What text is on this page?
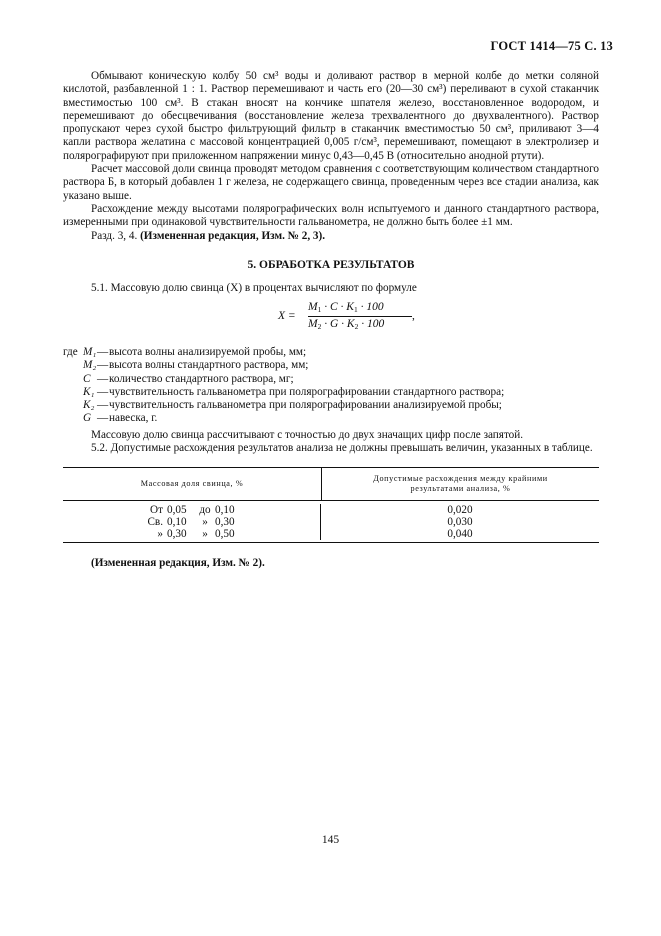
ГОСТ 1414—75 С. 13

Обмывают коническую колбу 50 см³ воды и доливают раствор в мерной колбе до метки соляной кислотой, разбавленной 1 : 1. Раствор перемешивают и часть его (20—30 см³) переливают в сухой стаканчик вместимостью 100 см³. В стакан вносят на кончике шпателя железо, восстановленное водородом, и перемешивают до обесцвечивания (восстановление железа трехвалентного до двухвалентного). Раствор пропускают через сухой быстро фильтрующий фильтр в стаканчик вместимостью 50 см³, приливают 3—4 капли раствора желатина с массовой концентрацией 0,005 г/см³, перемешивают, помещают в электролизер и полярографируют при приложенном напряжении минус 0,43—0,45 В (относительно анодной ртути).

Расчет массовой доли свинца проводят методом сравнения с соответствующим количеством стандартного раствора Б, в который добавлен 1 г железа, не содержащего свинца, проведенным через все стадии анализа, как указано выше.

Расхождение между высотами полярографических волн испытуемого и данного стандартного раствора, измеренными при одинаковой чувствительности гальванометра, не должно быть более ±1 мм.

Разд. 3, 4. (Измененная редакция, Изм. № 2, 3).

5. ОБРАБОТКА РЕЗУЛЬТАТОВ

5.1. Массовую долю свинца (X) в процентах вычисляют по формуле

X =
$M_1 \cdot C \cdot K_1 \cdot 100$
$M_2 \cdot G \cdot K_2 \cdot 100$
,
где M₁ — высота волны анализируемой пробы, мм;
M₂ — высота волны стандартного раствора, мм;
C — количество стандартного раствора, мг;
K₁ — чувствительность гальванометра при полярографировании стандартного раствора;
K₂ — чувствительность гальванометра при полярографировании анализируемой пробы;
G — навеска, г.

Массовую долю свинца рассчитывают с точностью до двух значащих цифр после запятой.

5.2. Допустимые расхождения результатов анализа не должны превышать величин, указанных в таблице.

Массовая доля свинца, %
Допустимые расхождения между крайними
результатами анализа, %
От 0,05 до 0,10
Св. 0,10 » 0,30
» 0,30 » 0,50
0,020
0,030
0,040
(Измененная редакция, Изм. № 2).
145
